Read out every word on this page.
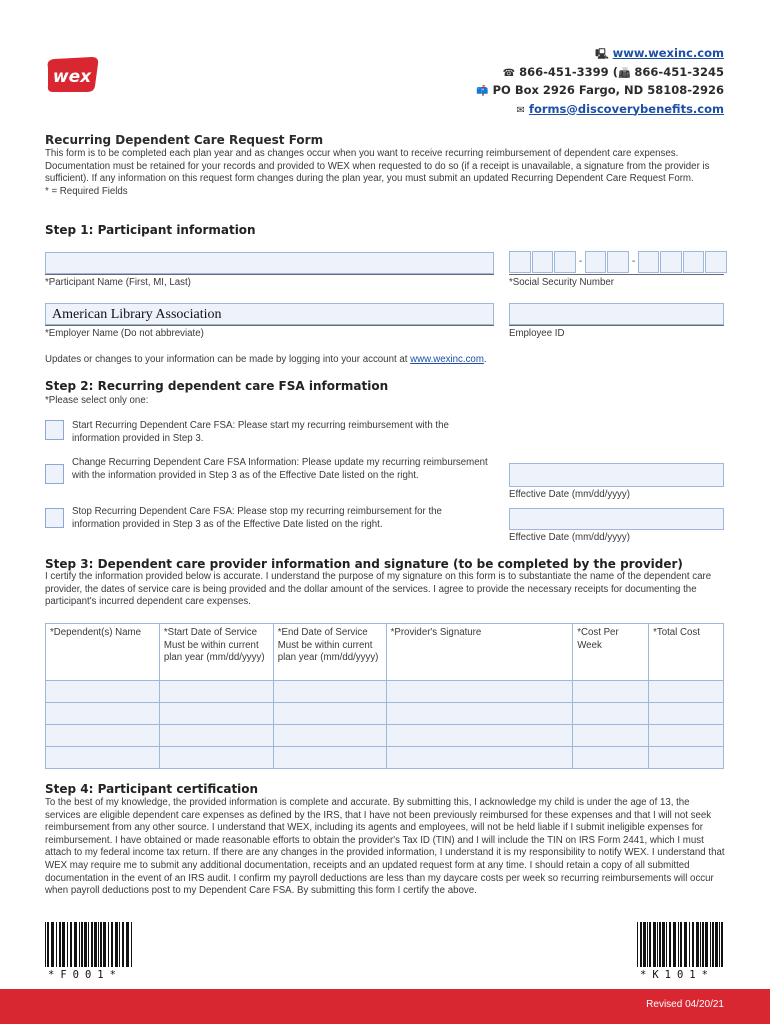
wex
🖳 www.wexinc.com
☎ 866-451-3399 (📠 866-451-3245
📫 PO Box 2926 Fargo, ND 58108-2926
✉ forms@discoverybenefits.com
Recurring Dependent Care Request Form
This form is to be completed each plan year and as changes occur when you want to receive recurring reimbursement of dependent care expenses. Documentation must be retained for your records and provided to WEX when requested to do so (if a receipt is unavailable, a signature from the provider is sufficient). If any information on this request form changes during the plan year, you must submit an updated Recurring Dependent Care Request Form.
* = Required Fields
Step 1: Participant information
*Participant Name (First, MI, Last)
-	-
*Social Security Number
American Library Association
*Employer Name (Do not abbreviate)	Employee ID
Updates or changes to your information can be made by logging into your account at www.wexinc.com.
Step 2: Recurring dependent care FSA information
*Please select only one:
Start Recurring Dependent Care FSA: Please start my recurring reimbursement with the information provided in Step 3.
Change Recurring Dependent Care FSA Information: Please update my recurring reimbursement with the information provided in Step 3 as of the Effective Date listed on the right.
Stop Recurring Dependent Care FSA: Please stop my recurring reimbursement for the information provided in Step 3 as of the Effective Date listed on the right.
Effective Date (mm/dd/yyyy)
Effective Date (mm/dd/yyyy)
Step 3: Dependent care provider information and signature (to be completed by the provider)
I certify the information provided below is accurate. I understand the purpose of my signature on this form is to substantiate the name of the dependent care provider, the dates of service care is being provided and the dollar amount of the services. I agree to provide the necessary receipts for documenting the participant's incurred dependent care expenses.
*Dependent(s) Name	*Start Date of Service Must be within current plan year (mm/dd/yyyy)	*End Date of Service Must be within current plan year (mm/dd/yyyy)	*Provider's Signature	*Cost Per Week	*Total Cost

Step 4: Participant certification
To the best of my knowledge, the provided information is complete and accurate. By submitting this, I acknowledge my child is under the age of 13, the services are eligible dependent care expenses as defined by the IRS, that I have not been previously reimbursed for these expenses and that I will not seek reimbursement from any other source. I understand that WEX, including its agents and employees, will not be held liable if I submit ineligible expenses for reimbursement. I have obtained or made reasonable efforts to obtain the provider's Tax ID (TIN) and I will include the TIN on IRS Form 2441, which I must attach to my federal income tax return. If there are any changes in the provided information, I understand it is my responsibility to notify WEX. I understand that WEX may require me to submit any additional documentation, receipts and an updated request form at any time. I should retain a copy of all submitted documentation in the event of an IRS audit. I confirm my payroll deductions are less than my daycare costs per week so recurring reimbursements will occur when payroll deductions post to my Dependent Care FSA. By submitting this form I certify the above.
*F001*	*K101*
Revised 04/20/21
